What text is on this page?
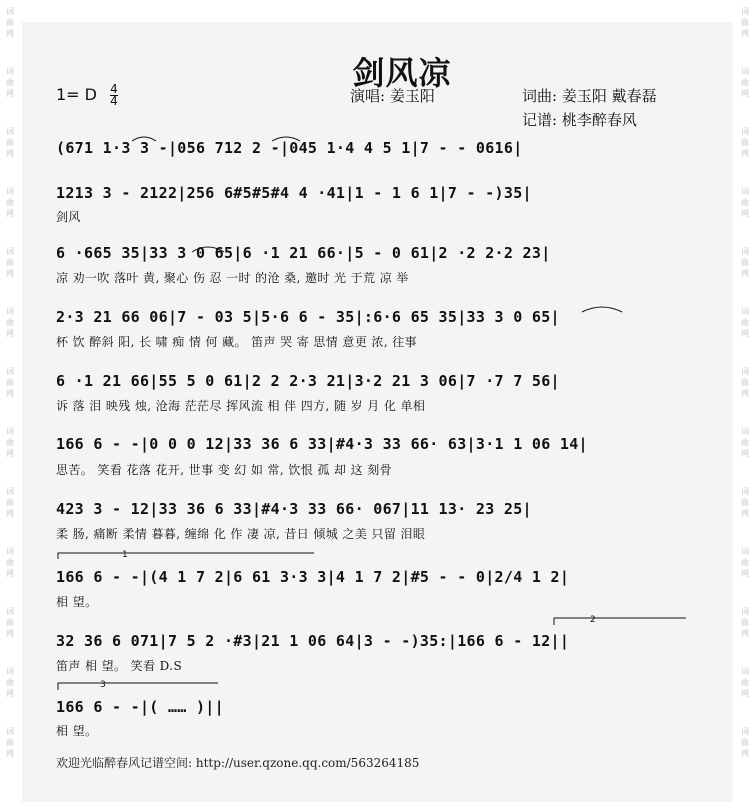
词
曲
网
词
曲
网
词
曲
网
词
曲
网
词
曲
网
词
曲
网
词
曲
网
词
曲
网
词
曲
网
词
曲
网
词
曲
网
词
曲
网
词
曲
网
词
曲
网
词
曲
网
词
曲
网
词
曲
网
词
曲
网
词
曲
网
词
曲
网
词
曲
网
词
曲
网
词
曲
网
词
曲
网
词
曲
网
词
曲
网
剑风凉
1= D $\frac{4}{4}$	演唱: 姜玉阳	词曲: 姜玉阳 戴春磊
记谱: 桃李醉春风
(671 1·3 3 -|056 712 2 -|045 1·4 4 5 1|7 - - 0616|
1213 3 - 2122|256 6#5#5#4 4 ·41|1 - 1 6 1|7 - -)35|
剑风
6 ·665 35|33 3 0 65|6 ·1 21 66·|5 - 0 61|2 ·2 2·2 23|
凉 劝一吹 落叶 黄, 聚心 伤 忍 一时 的沧 桑, 邀时 光 于荒 凉 举
2·3 21 66 06|7 - 03 5|5·6 6 - 35|:6·6 65 35|33 3 0 65|
杯 饮 醉斜 阳, 长 啸 痴 情 何 藏。 笛声 哭 寄 思情 意更 浓, 往事
6 ·1 21 66|55 5 0 61|2 2 2·3 21|3·2 21 3 06|7 ·7 7 56|
诉 落 泪 映残 烛, 沧海 茫茫尽 挥风流 相 伴 四方, 随 岁 月 化 单相
166 6 - -|0 0 0 12|33 36 6 33|#4·3 33 66· 63|3·1 1 06 14|
思苦。 笑看 花落 花开, 世事 变 幻 如 常, 饮恨 孤 却 这 刻骨
423 3 - 12|33 36 6 33|#4·3 33 66· 067|11 13· 23 25|
柔 肠, 痛断 柔情 暮暮, 缠绵 化 作 凄 凉, 昔日 倾城 之美 只留 泪眼
166 6 - -|(4 1 7 2|6 61 3·3 3|4 1 7 2|#5 - - 0|2/4 1 2|
相 望。
32 36 6 071|7 5 2 ·#3|21 1 06 64|3 - -)35:|166 6 - 12||
笛声 相 望。 笑看 D.S
166 6 - -|( …… )||
相 望。
1
2
3
欢迎光临醉春风记谱空间: http://user.qzone.qq.com/563264185
